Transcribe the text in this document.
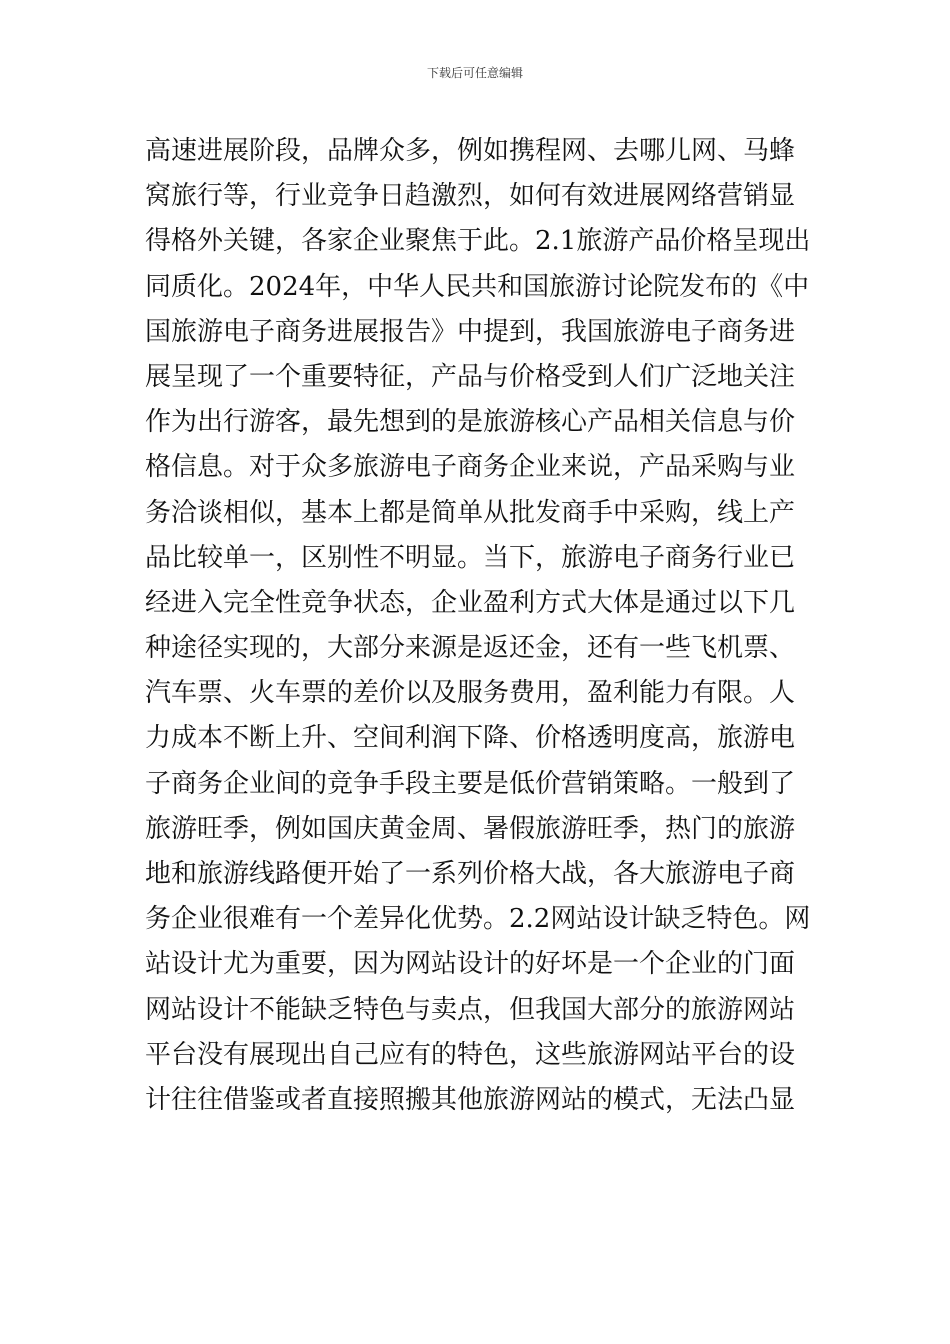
下载后可任意编辑
高速进展阶段，品牌众多，例如携程网、去哪儿网、马蜂
窝旅行等，行业竞争日趋激烈，如何有效进展网络营销显
得格外关键，各家企业聚焦于此。2.1旅游产品价格呈现出
同质化。2024年，中华人民共和国旅游讨论院发布的《中
国旅游电子商务进展报告》中提到，我国旅游电子商务进
展呈现了一个重要特征，产品与价格受到人们广泛地关注
作为出行游客，最先想到的是旅游核心产品相关信息与价
格信息。对于众多旅游电子商务企业来说，产品采购与业
务洽谈相似，基本上都是简单从批发商手中采购，线上产
品比较单一，区别性不明显。当下，旅游电子商务行业已
经进入完全性竞争状态，企业盈利方式大体是通过以下几
种途径实现的，大部分来源是返还金，还有一些飞机票、
汽车票、火车票的差价以及服务费用，盈利能力有限。人
力成本不断上升、空间利润下降、价格透明度高，旅游电
子商务企业间的竞争手段主要是低价营销策略。一般到了
旅游旺季，例如国庆黄金周、暑假旅游旺季，热门的旅游
地和旅游线路便开始了一系列价格大战，各大旅游电子商
务企业很难有一个差异化优势。2.2网站设计缺乏特色。网
站设计尤为重要，因为网站设计的好坏是一个企业的门面
网站设计不能缺乏特色与卖点，但我国大部分的旅游网站
平台没有展现出自己应有的特色，这些旅游网站平台的设
计往往借鉴或者直接照搬其他旅游网站的模式，无法凸显
